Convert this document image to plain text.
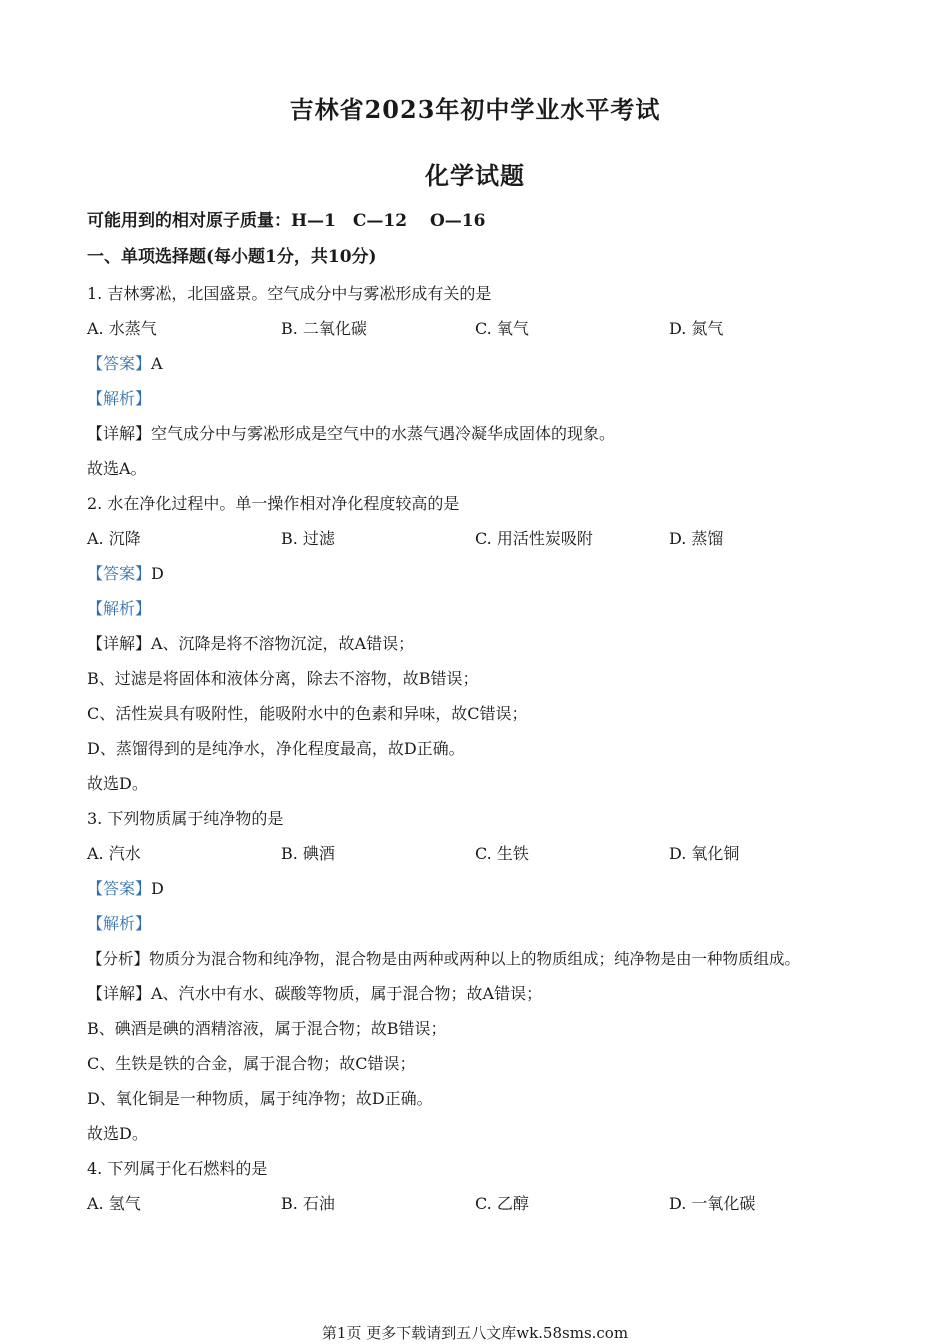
吉林省2023年初中学业水平考试
化学试题
可能用到的相对原子质量：H—1　C—12　 O—16
一、单项选择题(每小题1分，共10分)
1. 吉林雾凇，北国盛景。空气成分中与雾凇形成有关的是
A. 水蒸气	B. 二氧化碳	C. 氧气	D. 氮气
【答案】A
【解析】
【详解】空气成分中与雾凇形成是空气中的水蒸气遇冷凝华成固体的现象。
故选A。
2. 水在净化过程中。单一操作相对净化程度较高的是
A. 沉降	B. 过滤	C. 用活性炭吸附	D. 蒸馏
【答案】D
【解析】
【详解】A、沉降是将不溶物沉淀，故A错误；
B、过滤是将固体和液体分离，除去不溶物，故B错误；
C、活性炭具有吸附性，能吸附水中的色素和异味，故C错误；
D、蒸馏得到的是纯净水，净化程度最高，故D正确。
故选D。
3. 下列物质属于纯净物的是
A. 汽水	B. 碘酒	C. 生铁	D. 氧化铜
【答案】D
【解析】
【分析】物质分为混合物和纯净物，混合物是由两种或两种以上的物质组成；纯净物是由一种物质组成。
【详解】A、汽水中有水、碳酸等物质，属于混合物；故A错误；
B、碘酒是碘的酒精溶液，属于混合物；故B错误；
C、生铁是铁的合金，属于混合物；故C错误；
D、氧化铜是一种物质，属于纯净物；故D正确。
故选D。
4. 下列属于化石燃料的是
A. 氢气	B. 石油	C. 乙醇	D. 一氧化碳
第1页 更多下载请到五八文库wk.58sms.com
